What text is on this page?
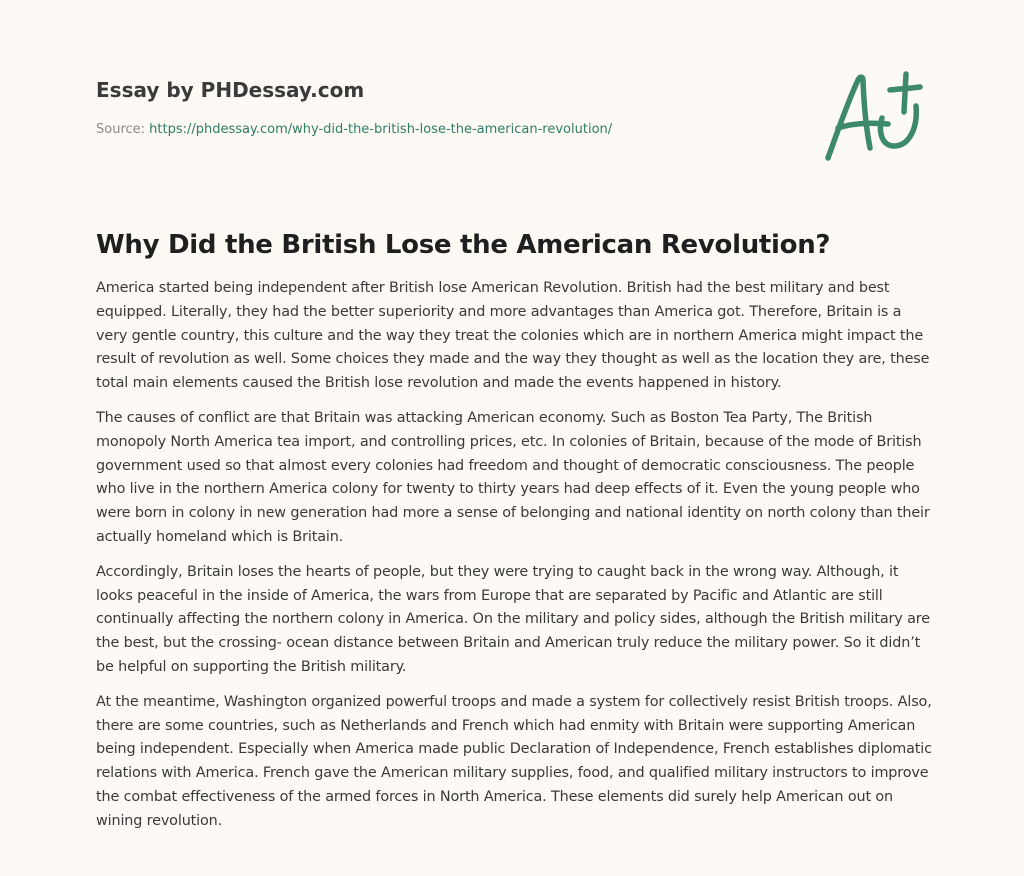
Essay by PHDessay.com
Source: https://phdessay.com/why-did-the-british-lose-the-american-revolution/
Why Did the British Lose the American Revolution?

America started being independent after British lose American Revolution. British had the best military and best equipped. Literally, they had the better superiority and more advantages than America got. Therefore, Britain is a very gentle country, this culture and the way they treat the colonies which are in northern America might impact the result of revolution as well. Some choices they made and the way they thought as well as the location they are, these total main elements caused the British lose revolution and made the events happened in history.

The causes of conflict are that Britain was attacking American economy. Such as Boston Tea Party, The British monopoly North America tea import, and controlling prices, etc. In colonies of Britain, because of the mode of British government used so that almost every colonies had freedom and thought of democratic consciousness. The people who live in the northern America colony for twenty to thirty years had deep effects of it. Even the young people who were born in colony in new generation had more a sense of belonging and national identity on north colony than their actually homeland which is Britain.

Accordingly, Britain loses the hearts of people, but they were trying to caught back in the wrong way. Although, it looks peaceful in the inside of America, the wars from Europe that are separated by Pacific and Atlantic are still continually affecting the northern colony in America. On the military and policy sides, although the British military are the best, but the crossing- ocean distance between Britain and American truly reduce the military power. So it didn’t be helpful on supporting the British military.

At the meantime, Washington organized powerful troops and made a system for collectively resist British troops. Also, there are some countries, such as Netherlands and French which had enmity with Britain were supporting American being independent. Especially when America made public Declaration of Independence, French establishes diplomatic relations with America. French gave the American military supplies, food, and qualified military instructors to improve the combat effectiveness of the armed forces in North America. These elements did surely help American out on wining revolution.
